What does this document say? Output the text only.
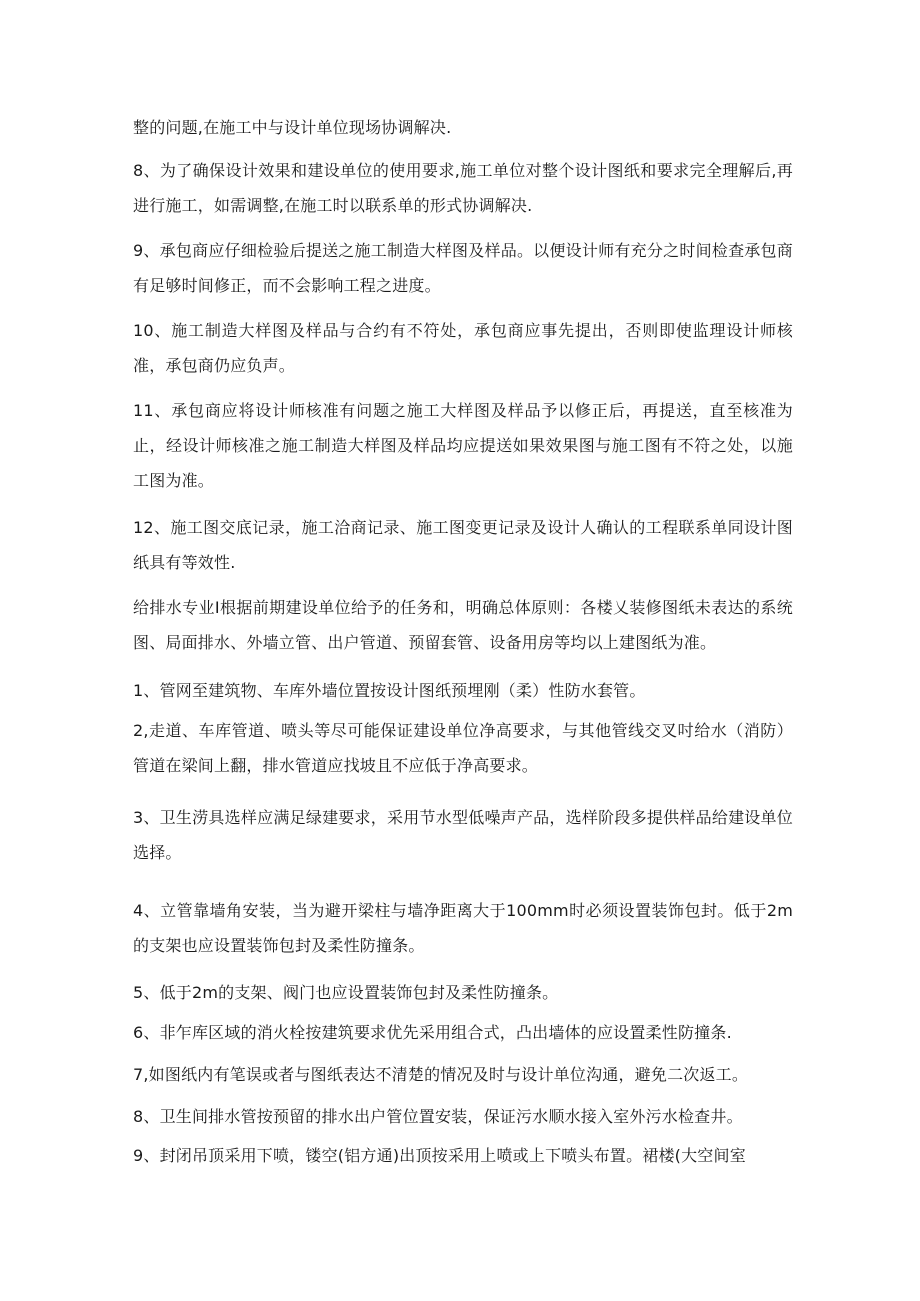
整的问题,在施工中与设计单位现场协调解决.

8、为了确保设计效果和建设单位的使用要求,施工单位对整个设计图纸和要求完全理解后,再进行施工，如需调整,在施工时以联系单的形式协调解决.

9、承包商应仔细检验后提送之施工制造大样图及样品。以便设计师有充分之时间检查承包商有足够时间修正，而不会影响工程之进度。

10、施工制造大样图及样品与合约有不符处，承包商应事先提出，否则即使监理设计师核准，承包商仍应负声。

11、承包商应将设计师核准有问题之施工大样图及样品予以修正后，再提送，直至核准为止，经设计师核准之施工制造大样图及样品均应提送如果效果图与施工图有不符之处，以施工图为准。

12、施工图交底记录，施工洽商记录、施工图变更记录及设计人确认的工程联系单同设计图纸具有等效性.

给排水专业I根据前期建设单位给予的任务和，明确总体原则：各楼乂装修图纸未表达的系统图、局面排水、外墙立管、出户管道、预留套管、设备用房等均以上建图纸为准。

1、管网至建筑物、车库外墙位置按设计图纸预埋刚（柔）性防水套管。

2,走道、车库管道、喷头等尽可能保证建设单位净高要求，与其他管线交叉吋给水（消防）管道在梁间上翻，排水管道应找坡且不应低于净高要求。

3、卫生涝具选样应满足绿建要求，采用节水型低噪声产品，选样阶段多提供样品给建设单位选择。

4、立管靠墙角安装，当为避开梁柱与墙净距离大于100mm时必须设置装饰包封。低于2m的支架也应设置装饰包封及柔性防撞条。

5、低于2m的支架、阀门也应设置装饰包封及柔性防撞条。

6、非乍库区域的消火栓按建筑要求优先采用组合式，凸出墙体的应设置柔性防撞条.

7,如图纸内有笔误或者与图纸表达不清楚的情况及时与设计单位沟通，避免二次返工。

8、卫生间排水管按预留的排水出户管位置安装，保证污水顺水接入室外污水检查井。

9、封闭吊顶采用下喷，镂空(铝方通)出顶按采用上喷或上下喷头布置。裙楼(大空间室
